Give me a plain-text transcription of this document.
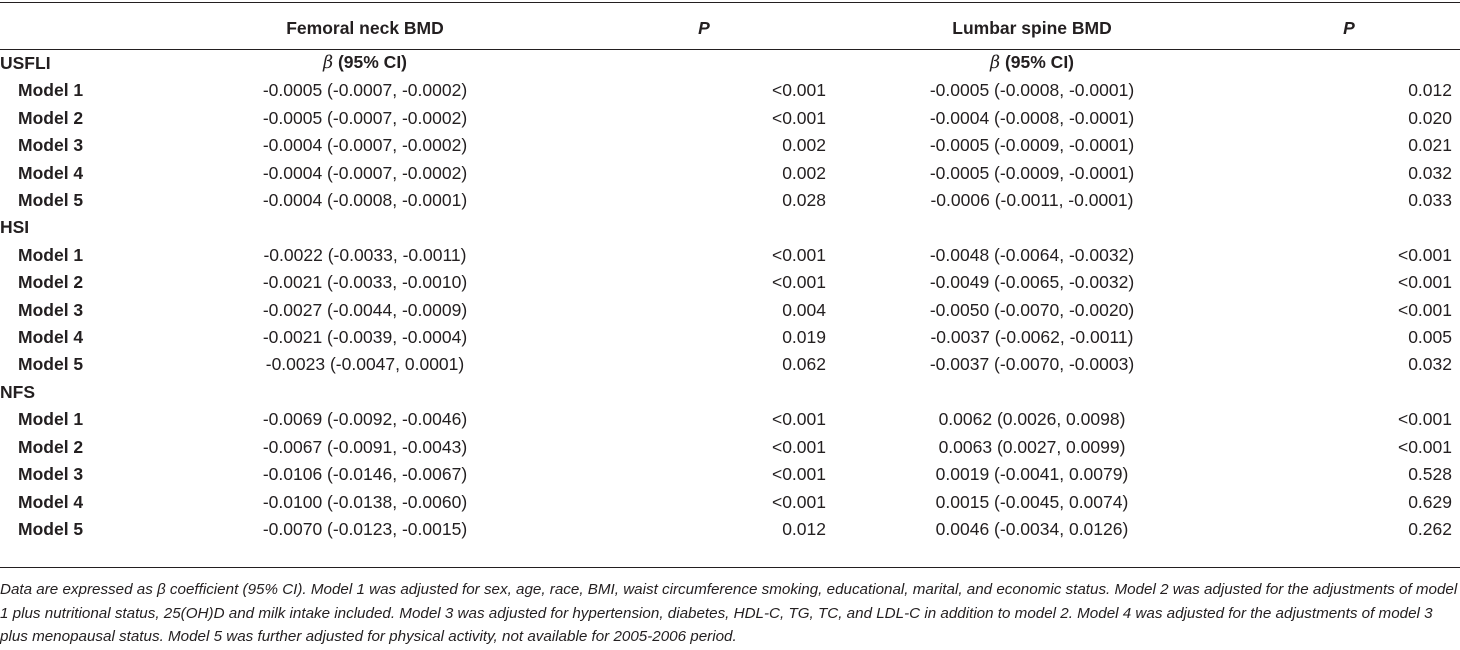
	Femoral neck BMD	P	Lumbar spine BMD	P
USFLI	β (95% CI)		β (95% CI)	
Model 1	-0.0005 (-0.0007, -0.0002)	<0.001	-0.0005 (-0.0008, -0.0001)	0.012
Model 2	-0.0005 (-0.0007, -0.0002)	<0.001	-0.0004 (-0.0008, -0.0001)	0.020
Model 3	-0.0004 (-0.0007, -0.0002)	0.002	-0.0005 (-0.0009, -0.0001)	0.021
Model 4	-0.0004 (-0.0007, -0.0002)	0.002	-0.0005 (-0.0009, -0.0001)	0.032
Model 5	-0.0004 (-0.0008, -0.0001)	0.028	-0.0006 (-0.0011, -0.0001)	0.033
HSI				
Model 1	-0.0022 (-0.0033, -0.0011)	<0.001	-0.0048 (-0.0064, -0.0032)	<0.001
Model 2	-0.0021 (-0.0033, -0.0010)	<0.001	-0.0049 (-0.0065, -0.0032)	<0.001
Model 3	-0.0027 (-0.0044, -0.0009)	0.004	-0.0050 (-0.0070, -0.0020)	<0.001
Model 4	-0.0021 (-0.0039, -0.0004)	0.019	-0.0037 (-0.0062, -0.0011)	0.005
Model 5	-0.0023 (-0.0047, 0.0001)	0.062	-0.0037 (-0.0070, -0.0003)	0.032
NFS				
Model 1	-0.0069 (-0.0092, -0.0046)	<0.001	0.0062 (0.0026, 0.0098)	<0.001
Model 2	-0.0067 (-0.0091, -0.0043)	<0.001	0.0063 (0.0027, 0.0099)	<0.001
Model 3	-0.0106 (-0.0146, -0.0067)	<0.001	0.0019 (-0.0041, 0.0079)	0.528
Model 4	-0.0100 (-0.0138, -0.0060)	<0.001	0.0015 (-0.0045, 0.0074)	0.629
Model 5	-0.0070 (-0.0123, -0.0015)	0.012	0.0046 (-0.0034, 0.0126)	0.262
Data are expressed as β coefficient (95% CI). Model 1 was adjusted for sex, age, race, BMI, waist circumference smoking, educational, marital, and economic status. Model 2 was adjusted for the adjustments of model 1 plus nutritional status, 25(OH)D and milk intake included. Model 3 was adjusted for hypertension, diabetes, HDL-C, TG, TC, and LDL-C in addition to model 2. Model 4 was adjusted for the adjustments of model 3 plus menopausal status. Model 5 was further adjusted for physical activity, not available for 2005-2006 period.
